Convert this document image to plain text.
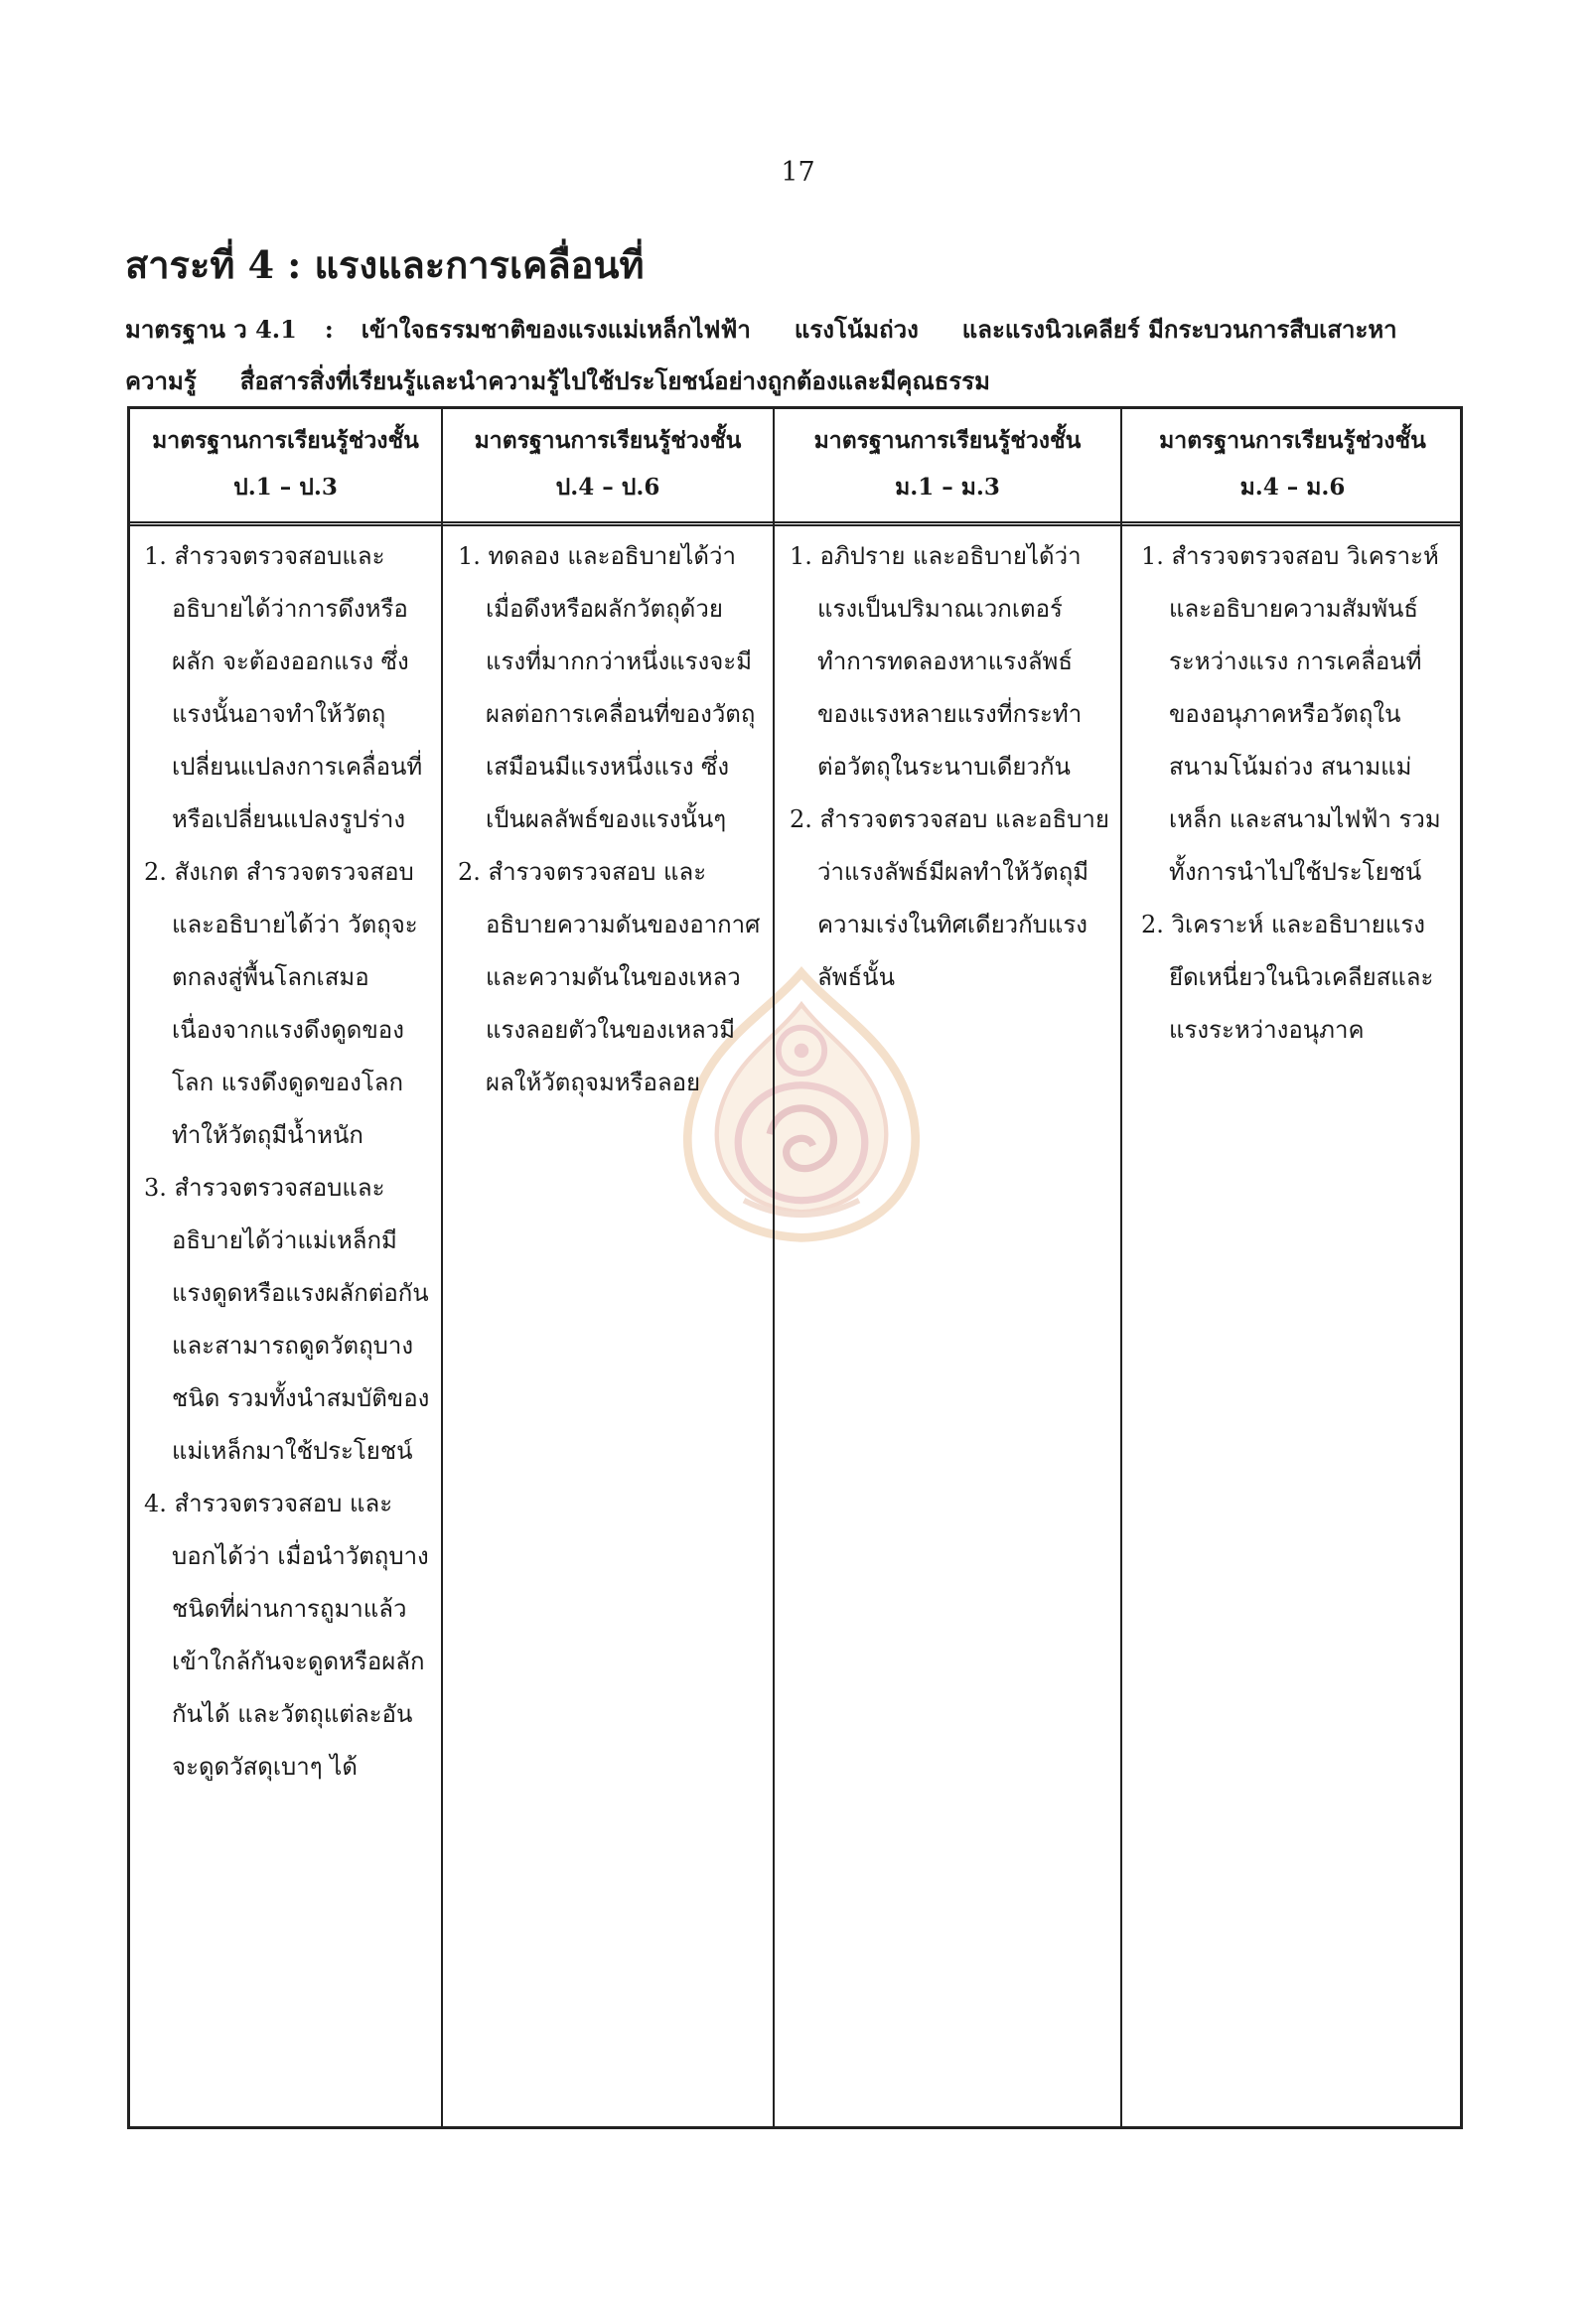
17
สาระที่ 4 : แรงและการเคลื่อนที่
มาตรฐาน ว 4.1 : เข้าใจธรรมชาติของแรงแม่เหล็กไฟฟ้า แรงโน้มถ่วง และแรงนิวเคลียร์ มีกระบวนการสืบเสาะหา
ความรู้ สื่อสารสิ่งที่เรียนรู้และนำความรู้ไปใช้ประโยชน์อย่างถูกต้องและมีคุณธรรม
มาตรฐานการเรียนรู้ช่วงชั้น
ป.1 – ป.3
มาตรฐานการเรียนรู้ช่วงชั้น
ป.4 – ป.6
มาตรฐานการเรียนรู้ช่วงชั้น
ม.1 – ม.3
มาตรฐานการเรียนรู้ช่วงชั้น
ม.4 – ม.6

1. สำรวจตรวจสอบและอธิบายได้ว่าการดึงหรือผลัก จะต้องออกแรง ซึ่งแรงนั้นอาจทำให้วัตถุเปลี่ยนแปลงการเคลื่อนที่หรือเปลี่ยนแปลงรูปร่าง

2. สังเกต สำรวจตรวจสอบและอธิบายได้ว่า วัตถุจะตกลงสู่พื้นโลกเสมอ เนื่องจากแรงดึงดูดของโลก แรงดึงดูดของโลกทำให้วัตถุมีน้ำหนัก

3. สำรวจตรวจสอบและอธิบายได้ว่าแม่เหล็กมีแรงดูดหรือแรงผลักต่อกันและสามารถดูดวัตถุบางชนิด รวมทั้งนำสมบัติของแม่เหล็กมาใช้ประโยชน์

4. สำรวจตรวจสอบ และบอกได้ว่า เมื่อนำวัตถุบางชนิดที่ผ่านการถูมาแล้วเข้าใกล้กันจะดูดหรือผลักกันได้ และวัตถุแต่ละอันจะดูดวัสดุเบาๆ ได้

1. ทดลอง และอธิบายได้ว่าเมื่อดึงหรือผลักวัตถุด้วยแรงที่มากกว่าหนึ่งแรงจะมีผลต่อการเคลื่อนที่ของวัตถุเสมือนมีแรงหนึ่งแรง ซึ่งเป็นผลลัพธ์ของแรงนั้นๆ

2. สำรวจตรวจสอบ และอธิบายความดันของอากาศและความดันในของเหลว แรงลอยตัวในของเหลวมีผลให้วัตถุจมหรือลอย

1. อภิปราย และอธิบายได้ว่าแรงเป็นปริมาณเวกเตอร์ ทำการทดลองหาแรงลัพธ์ของแรงหลายแรงที่กระทำต่อวัตถุในระนาบเดียวกัน

2. สำรวจตรวจสอบ และอธิบายว่าแรงลัพธ์มีผลทำให้วัตถุมีความเร่งในทิศเดียวกับแรงลัพธ์นั้น

1. สำรวจตรวจสอบ วิเคราะห์และอธิบายความสัมพันธ์ระหว่างแรง การเคลื่อนที่ของอนุภาคหรือวัตถุในสนามโน้มถ่วง สนามแม่เหล็ก และสนามไฟฟ้า รวมทั้งการนำไปใช้ประโยชน์

2. วิเคราะห์ และอธิบายแรงยึดเหนี่ยวในนิวเคลียสและแรงระหว่างอนุภาค
